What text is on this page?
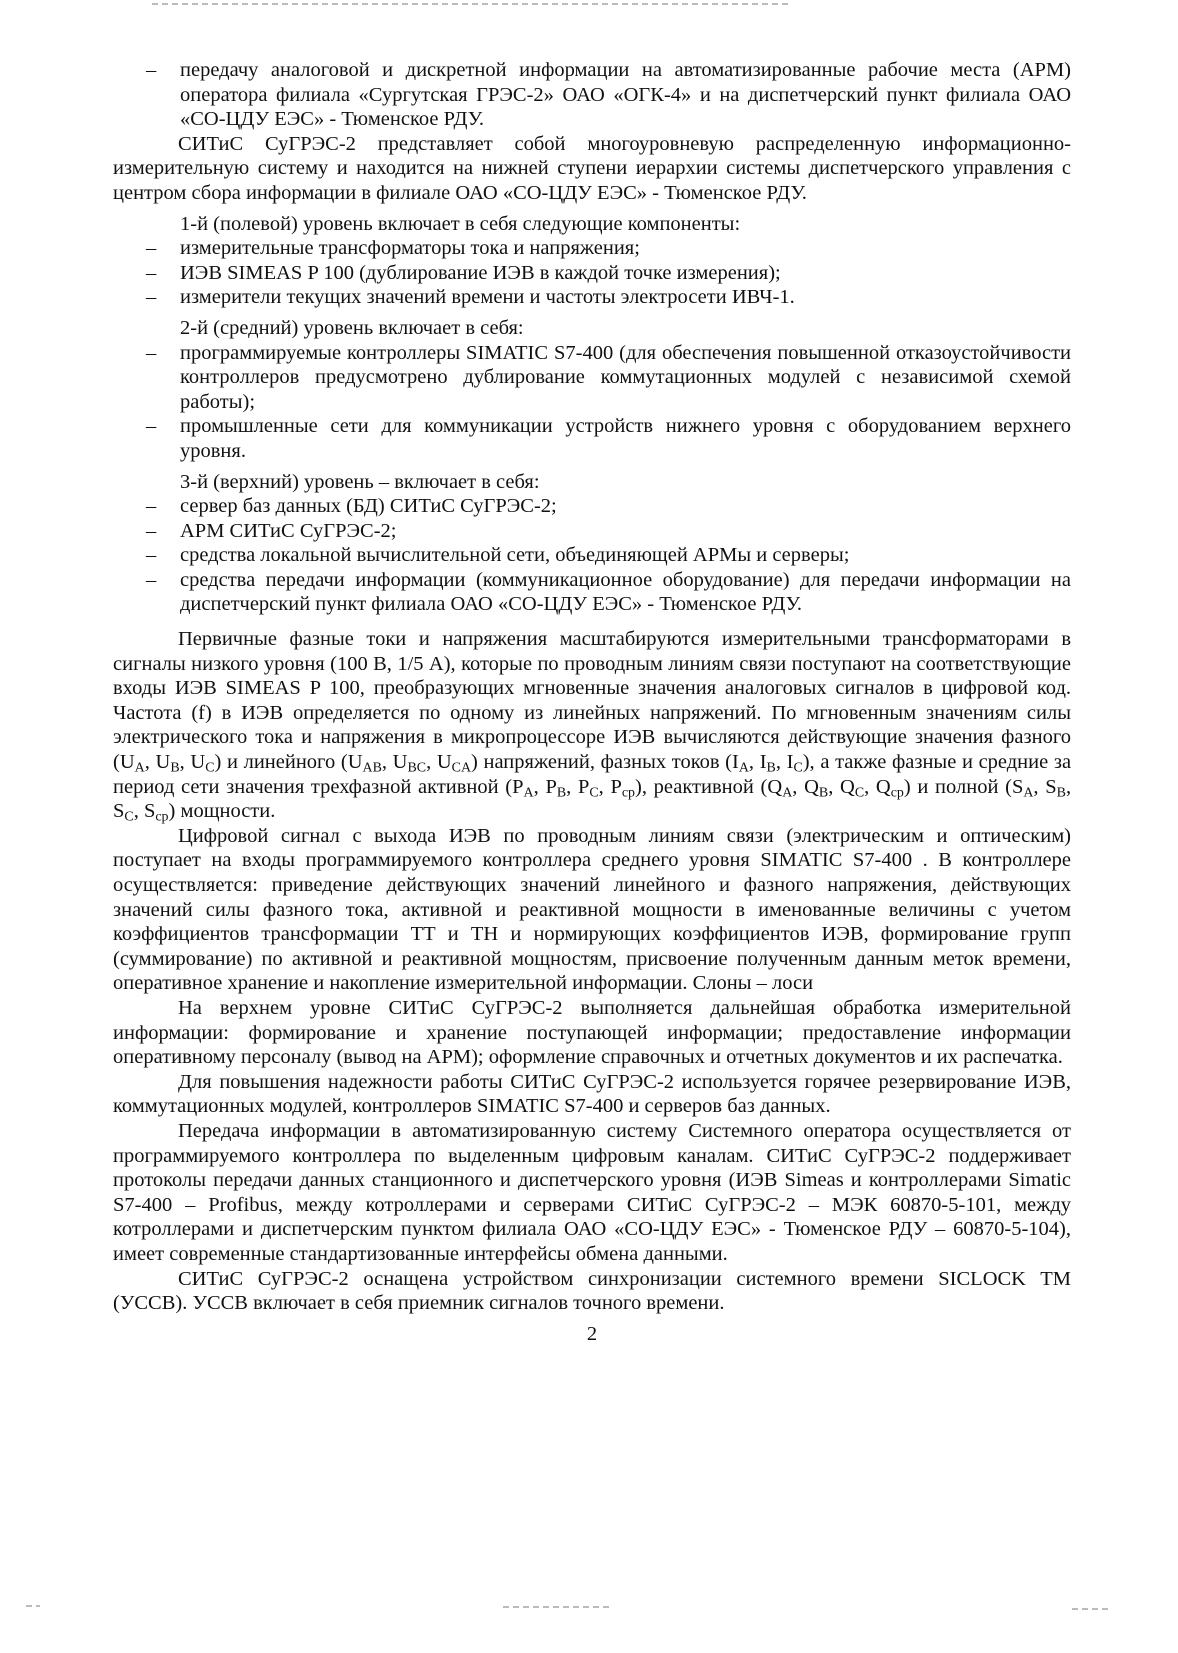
– передачу аналоговой и дискретной информации на автоматизированные рабочие места (АРМ) оператора филиала «Сургутская ГРЭС-2» ОАО «ОГК-4» и на диспетчерский пункт филиала ОАО «СО-ЦДУ ЕЭС» - Тюменское РДУ.

СИТиС СуГРЭС-2 представляет собой многоуровневую распределенную информационно-измерительную систему и находится на нижней ступени иерархии системы диспетчерского управления с центром сбора информации в филиале ОАО «СО-ЦДУ ЕЭС» - Тюменское РДУ.

1-й (полевой) уровень включает в себя следующие компоненты:

– измерительные трансформаторы тока и напряжения;

– ИЭВ SIMEAS P 100 (дублирование ИЭВ в каждой точке измерения);

– измерители текущих значений времени и частоты электросети ИВЧ-1.

2-й (средний) уровень включает в себя:

– программируемые контроллеры SIMATIC S7-400 (для обеспечения повышенной отказоустойчивости контроллеров предусмотрено дублирование коммутационных модулей с независимой схемой работы);

– промышленные сети для коммуникации устройств нижнего уровня с оборудованием верхнего уровня.

3-й (верхний) уровень – включает в себя:

– сервер баз данных (БД) СИТиС СуГРЭС-2;

– АРМ СИТиС СуГРЭС-2;

– средства локальной вычислительной сети, объединяющей АРМы и серверы;

– средства передачи информации (коммуникационное оборудование) для передачи информации на диспетчерский пункт филиала ОАО «СО-ЦДУ ЕЭС» - Тюменское РДУ.

Первичные фазные токи и напряжения масштабируются измерительными трансформаторами в сигналы низкого уровня (100 В, 1/5 А), которые по проводным линиям связи поступают на соответствующие входы ИЭВ SIMEAS P 100, преобразующих мгновенные значения аналоговых сигналов в цифровой код. Частота (f) в ИЭВ определяется по одному из линейных напряжений. По мгновенным значениям силы электрического тока и напряжения в микропроцессоре ИЭВ вычисляются действующие значения фазного ($U_A$, $U_B$, $U_C$) и линейного ($U_{AB}$, $U_{BC}$, $U_{CA}$) напряжений, фазных токов ($I_A$, $I_B$, $I_C$), а также фазные и средние за период сети значения трехфазной активной ($P_A$, $P_B$, $P_C$, $P_{ср}$), реактивной ($Q_A$, $Q_B$, $Q_C$, $Q_{ср}$) и полной ($S_A$, $S_B$, $S_C$, $S_{ср}$) мощности.

Цифровой сигнал с выхода ИЭВ по проводным линиям связи (электрическим и оптическим) поступает на входы программируемого контроллера среднего уровня SIMATIC S7-400 . В контроллере осуществляется: приведение действующих значений линейного и фазного напряжения, действующих значений силы фазного тока, активной и реактивной мощности в именованные величины с учетом коэффициентов трансформации ТТ и ТН и нормирующих коэффициентов ИЭВ, формирование групп (суммирование) по активной и реактивной мощностям, присвоение полученным данным меток времени, оперативное хранение и накопление измерительной информации. Слоны – лоси

На верхнем уровне СИТиС СуГРЭС-2 выполняется дальнейшая обработка измерительной информации: формирование и хранение поступающей информации; предоставление информации оперативному персоналу (вывод на АРМ); оформление справочных и отчетных документов и их распечатка.

Для повышения надежности работы СИТиС СуГРЭС-2 используется горячее резервирование ИЭВ, коммутационных модулей, контроллеров SIMATIC S7-400 и серверов баз данных.

Передача информации в автоматизированную систему Системного оператора осуществляется от программируемого контроллера по выделенным цифровым каналам. СИТиС СуГРЭС-2 поддерживает протоколы передачи данных станционного и диспетчерского уровня (ИЭВ Simeas и контроллерами Simatic S7-400 – Profibus, между котроллерами и серверами СИТиС СуГРЭС-2 – МЭК 60870-5-101, между котроллерами и диспетчерским пунктом филиала ОАО «СО-ЦДУ ЕЭС» - Тюменское РДУ – 60870-5-104), имеет современные стандартизованные интерфейсы обмена данными.

СИТиС СуГРЭС-2 оснащена устройством синхронизации системного времени SICLOCK TM (УССВ). УССВ включает в себя приемник сигналов точного времени.

2
